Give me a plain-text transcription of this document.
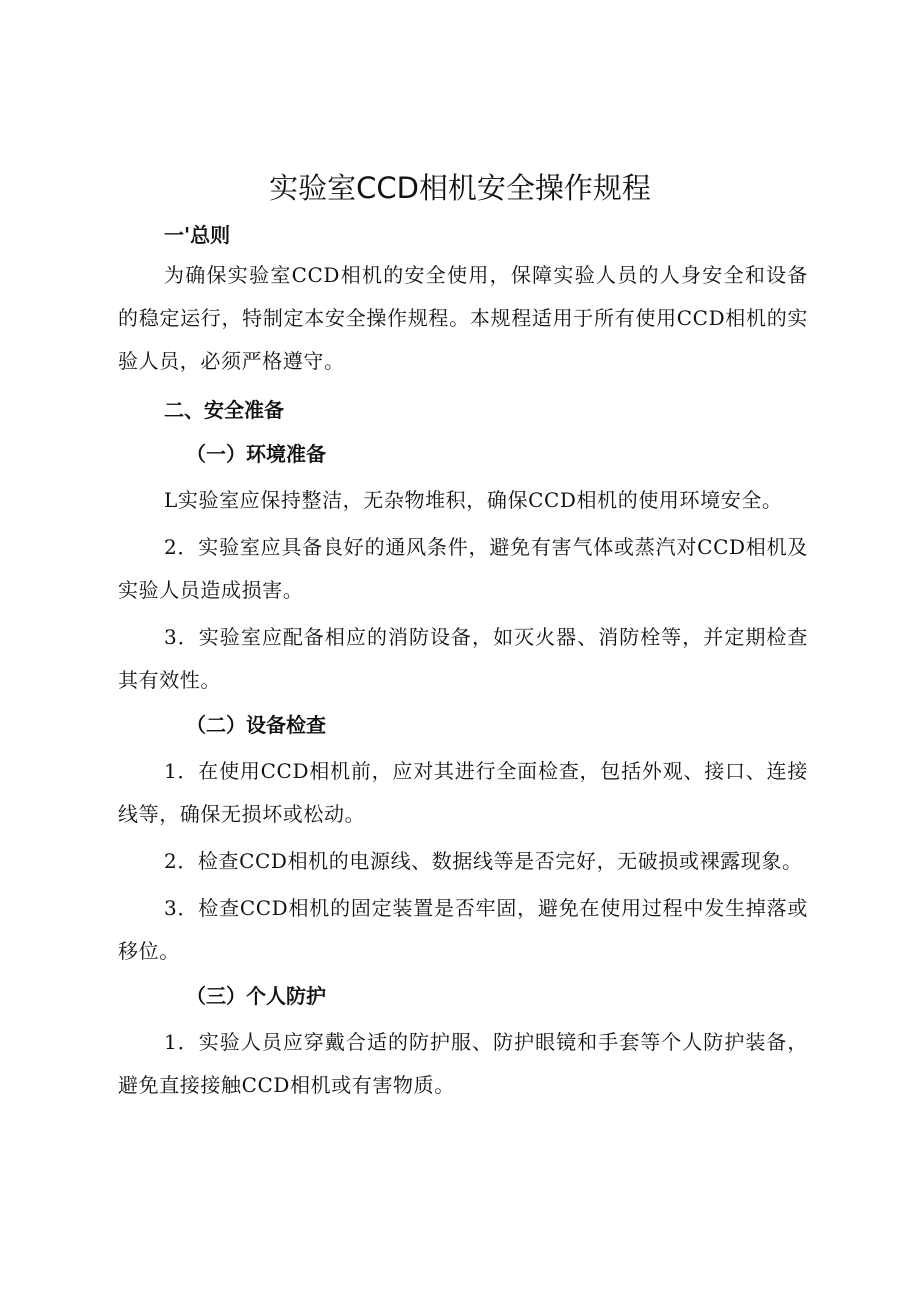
实验室CCD相机安全操作规程
一'总则

为确保实验室CCD相机的安全使用，保障实验人员的人身安全和设备的稳定运行，特制定本安全操作规程。本规程适用于所有使用CCD相机的实验人员，必须严格遵守。

二、安全准备
（一）环境准备

L实验室应保持整洁，无杂物堆积，确保CCD相机的使用环境安全。

2．实验室应具备良好的通风条件，避免有害气体或蒸汽对CCD相机及实验人员造成损害。

3．实验室应配备相应的消防设备，如灭火器、消防栓等，并定期检查其有效性。

（二）设备检查

1．在使用CCD相机前，应对其进行全面检查，包括外观、接口、连接线等，确保无损坏或松动。

2．检查CCD相机的电源线、数据线等是否完好，无破损或裸露现象。

3．检查CCD相机的固定装置是否牢固，避免在使用过程中发生掉落或移位。

（三）个人防护

1．实验人员应穿戴合适的防护服、防护眼镜和手套等个人防护装备，避免直接接触CCD相机或有害物质。
